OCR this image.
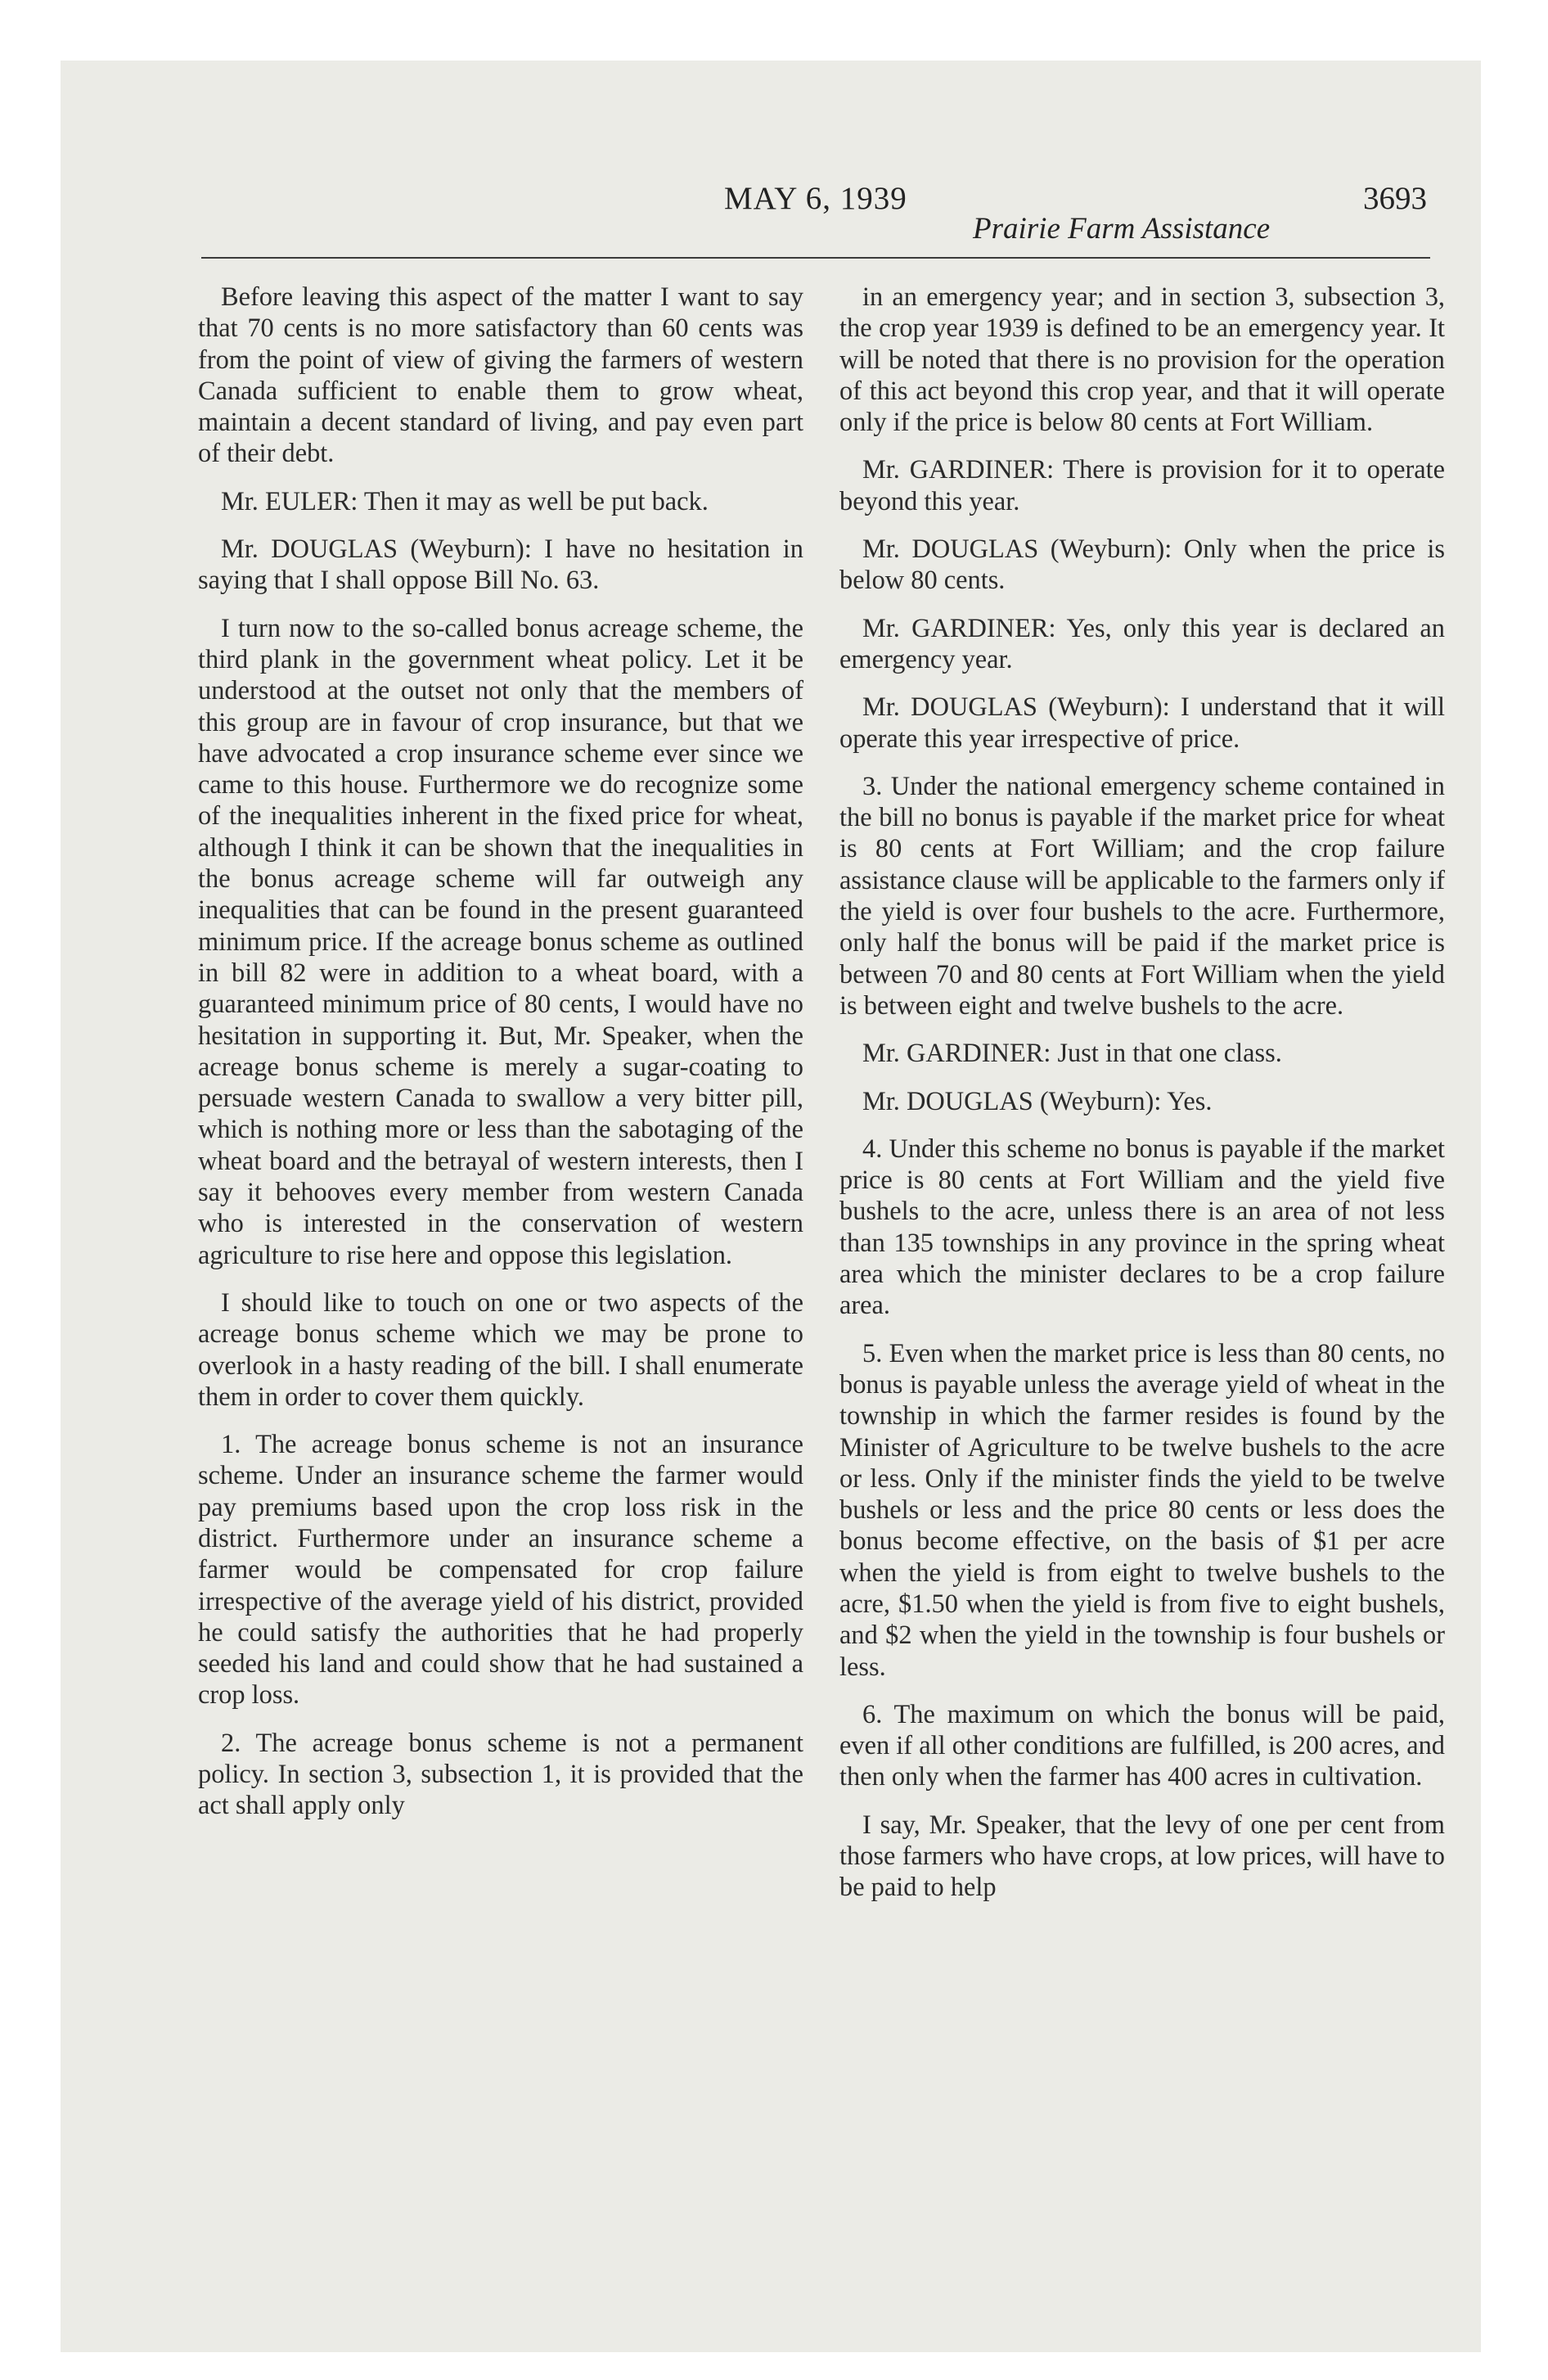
MAY 6, 1939
Prairie Farm Assistance
3693

Before leaving this aspect of the matter I want to say that 70 cents is no more satisfactory than 60 cents was from the point of view of giving the farmers of western Canada sufficient to enable them to grow wheat, maintain a decent standard of living, and pay even part of their debt.

Mr. EULER: Then it may as well be put back.

Mr. DOUGLAS (Weyburn): I have no hesitation in saying that I shall oppose Bill No. 63.

I turn now to the so-called bonus acreage scheme, the third plank in the government wheat policy. Let it be understood at the outset not only that the members of this group are in favour of crop insurance, but that we have advocated a crop insurance scheme ever since we came to this house. Furthermore we do recognize some of the inequalities inherent in the fixed price for wheat, although I think it can be shown that the inequalities in the bonus acreage scheme will far outweigh any inequalities that can be found in the present guaranteed minimum price. If the acreage bonus scheme as outlined in bill 82 were in addition to a wheat board, with a guaranteed minimum price of 80 cents, I would have no hesitation in supporting it. But, Mr. Speaker, when the acreage bonus scheme is merely a sugar-coating to persuade western Canada to swallow a very bitter pill, which is nothing more or less than the sabotaging of the wheat board and the betrayal of western interests, then I say it behooves every member from western Canada who is interested in the conservation of western agriculture to rise here and oppose this legislation.

I should like to touch on one or two aspects of the acreage bonus scheme which we may be prone to overlook in a hasty reading of the bill. I shall enumerate them in order to cover them quickly.

1. The acreage bonus scheme is not an insurance scheme. Under an insurance scheme the farmer would pay premiums based upon the crop loss risk in the district. Furthermore under an insurance scheme a farmer would be compensated for crop failure irrespective of the average yield of his district, provided he could satisfy the authorities that he had properly seeded his land and could show that he had sustained a crop loss.

2. The acreage bonus scheme is not a permanent policy. In section 3, subsection 1, it is provided that the act shall apply only

in an emergency year; and in section 3, subsection 3, the crop year 1939 is defined to be an emergency year. It will be noted that there is no provision for the operation of this act beyond this crop year, and that it will operate only if the price is below 80 cents at Fort William.

Mr. GARDINER: There is provision for it to operate beyond this year.

Mr. DOUGLAS (Weyburn): Only when the price is below 80 cents.

Mr. GARDINER: Yes, only this year is declared an emergency year.

Mr. DOUGLAS (Weyburn): I understand that it will operate this year irrespective of price.

3. Under the national emergency scheme contained in the bill no bonus is payable if the market price for wheat is 80 cents at Fort William; and the crop failure assistance clause will be applicable to the farmers only if the yield is over four bushels to the acre. Furthermore, only half the bonus will be paid if the market price is between 70 and 80 cents at Fort William when the yield is between eight and twelve bushels to the acre.

Mr. GARDINER: Just in that one class.

Mr. DOUGLAS (Weyburn): Yes.

4. Under this scheme no bonus is payable if the market price is 80 cents at Fort William and the yield five bushels to the acre, unless there is an area of not less than 135 townships in any province in the spring wheat area which the minister declares to be a crop failure area.

5. Even when the market price is less than 80 cents, no bonus is payable unless the average yield of wheat in the township in which the farmer resides is found by the Minister of Agriculture to be twelve bushels to the acre or less. Only if the minister finds the yield to be twelve bushels or less and the price 80 cents or less does the bonus become effective, on the basis of $1 per acre when the yield is from eight to twelve bushels to the acre, $1.50 when the yield is from five to eight bushels, and $2 when the yield in the township is four bushels or less.

6. The maximum on which the bonus will be paid, even if all other conditions are fulfilled, is 200 acres, and then only when the farmer has 400 acres in cultivation.

I say, Mr. Speaker, that the levy of one per cent from those farmers who have crops, at low prices, will have to be paid to help
